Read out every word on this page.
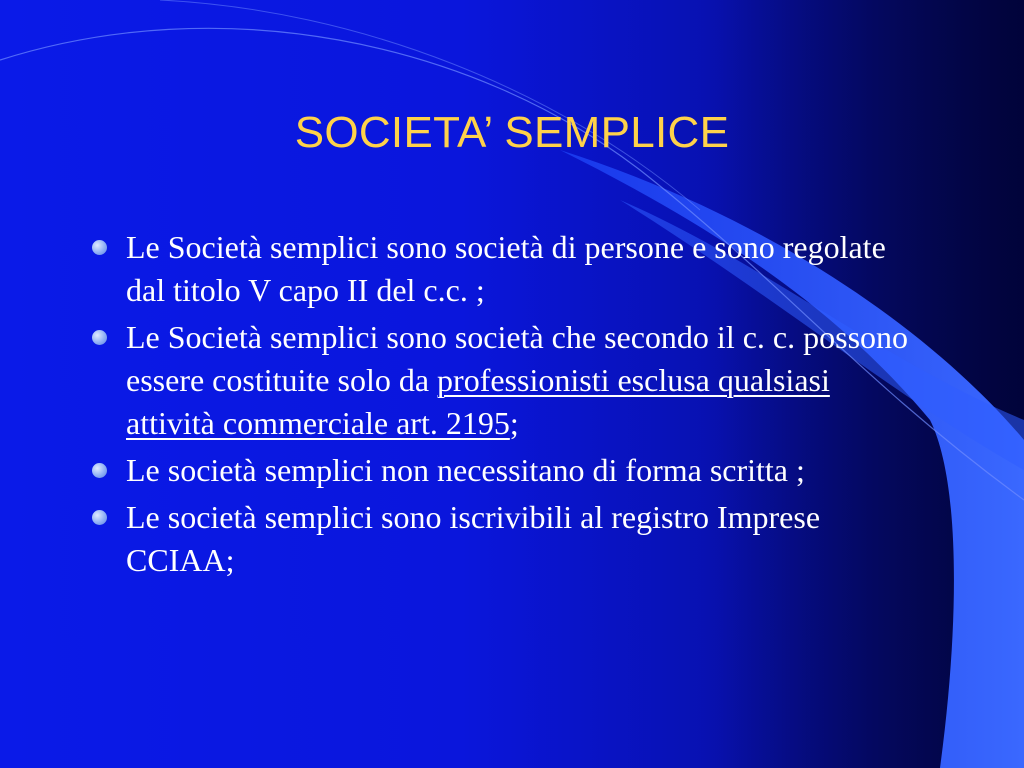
SOCIETA’ SEMPLICE
Le Società semplici sono società di persone e sono regolate dal titolo V capo II del c.c. ;
Le Società semplici sono società che secondo il c. c. possono essere costituite solo da professionisti esclusa qualsiasi attività commerciale art. 2195;
Le società semplici non necessitano di forma scritta ;
Le società semplici sono iscrivibili al registro Imprese  CCIAA;
